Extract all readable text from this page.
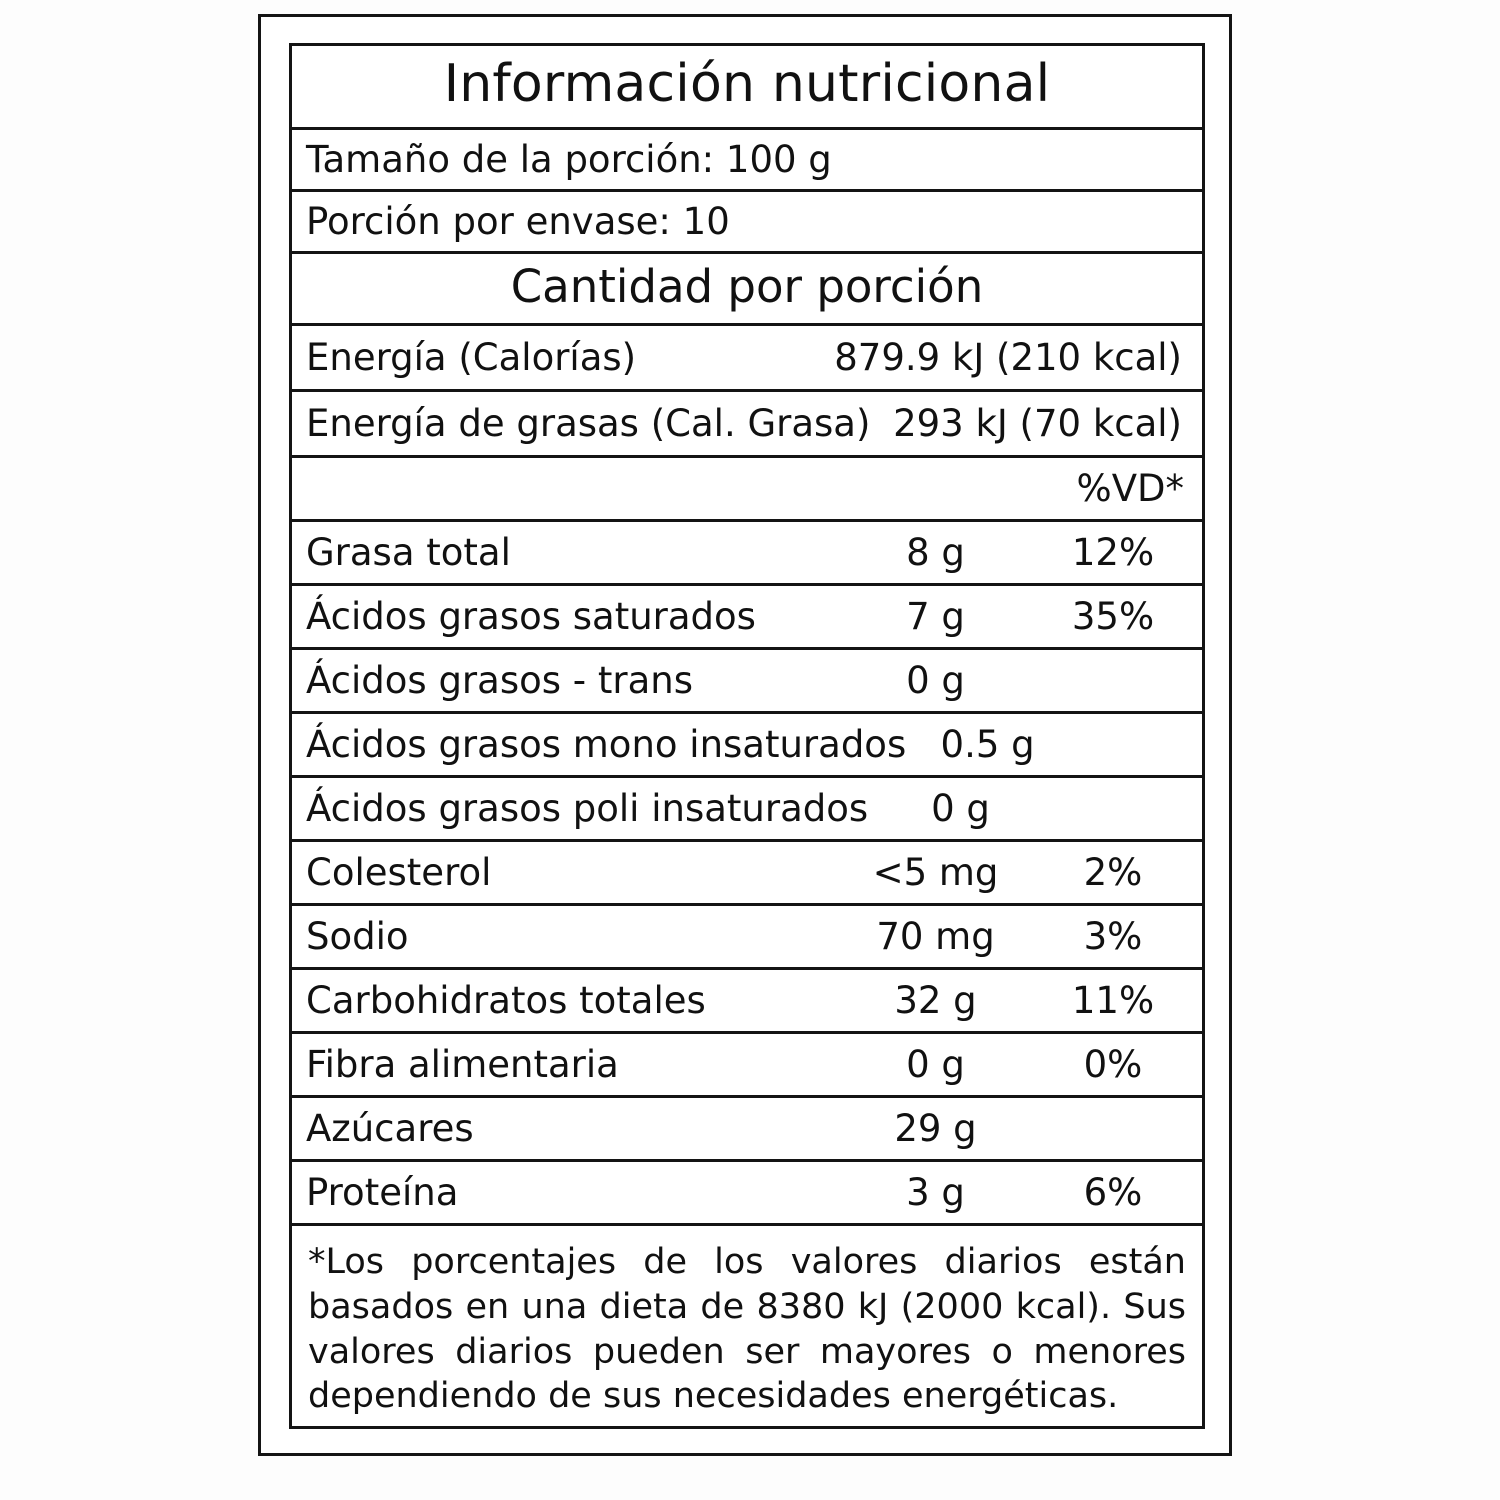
Información nutricional
Tamaño de la porción: 100 g
Porción por envase: 10
Cantidad por porción
Energía (Calorías)	879.9 kJ (210 kcal)
Energía de grasas (Cal. Grasa) 293 kJ (70 kcal)
%VD*
Grasa total	8 g	12%
Ácidos grasos saturados	7 g	35%
Ácidos grasos - trans	0 g
Ácidos grasos mono insaturados 0.5 g
Ácidos grasos poli insaturados	0 g
Colesterol	<5 mg	2%
Sodio	70 mg	3%
Carbohidratos totales	32 g	11%
Fibra alimentaria	0 g	0%
Azúcares	29 g
Proteína	3 g	6%

*Los porcentajes de los valores diarios están basados en una dieta de 8380 kJ (2000 kcal). Sus valores diarios pueden ser mayores o menores dependiendo de sus necesidades energéticas.
